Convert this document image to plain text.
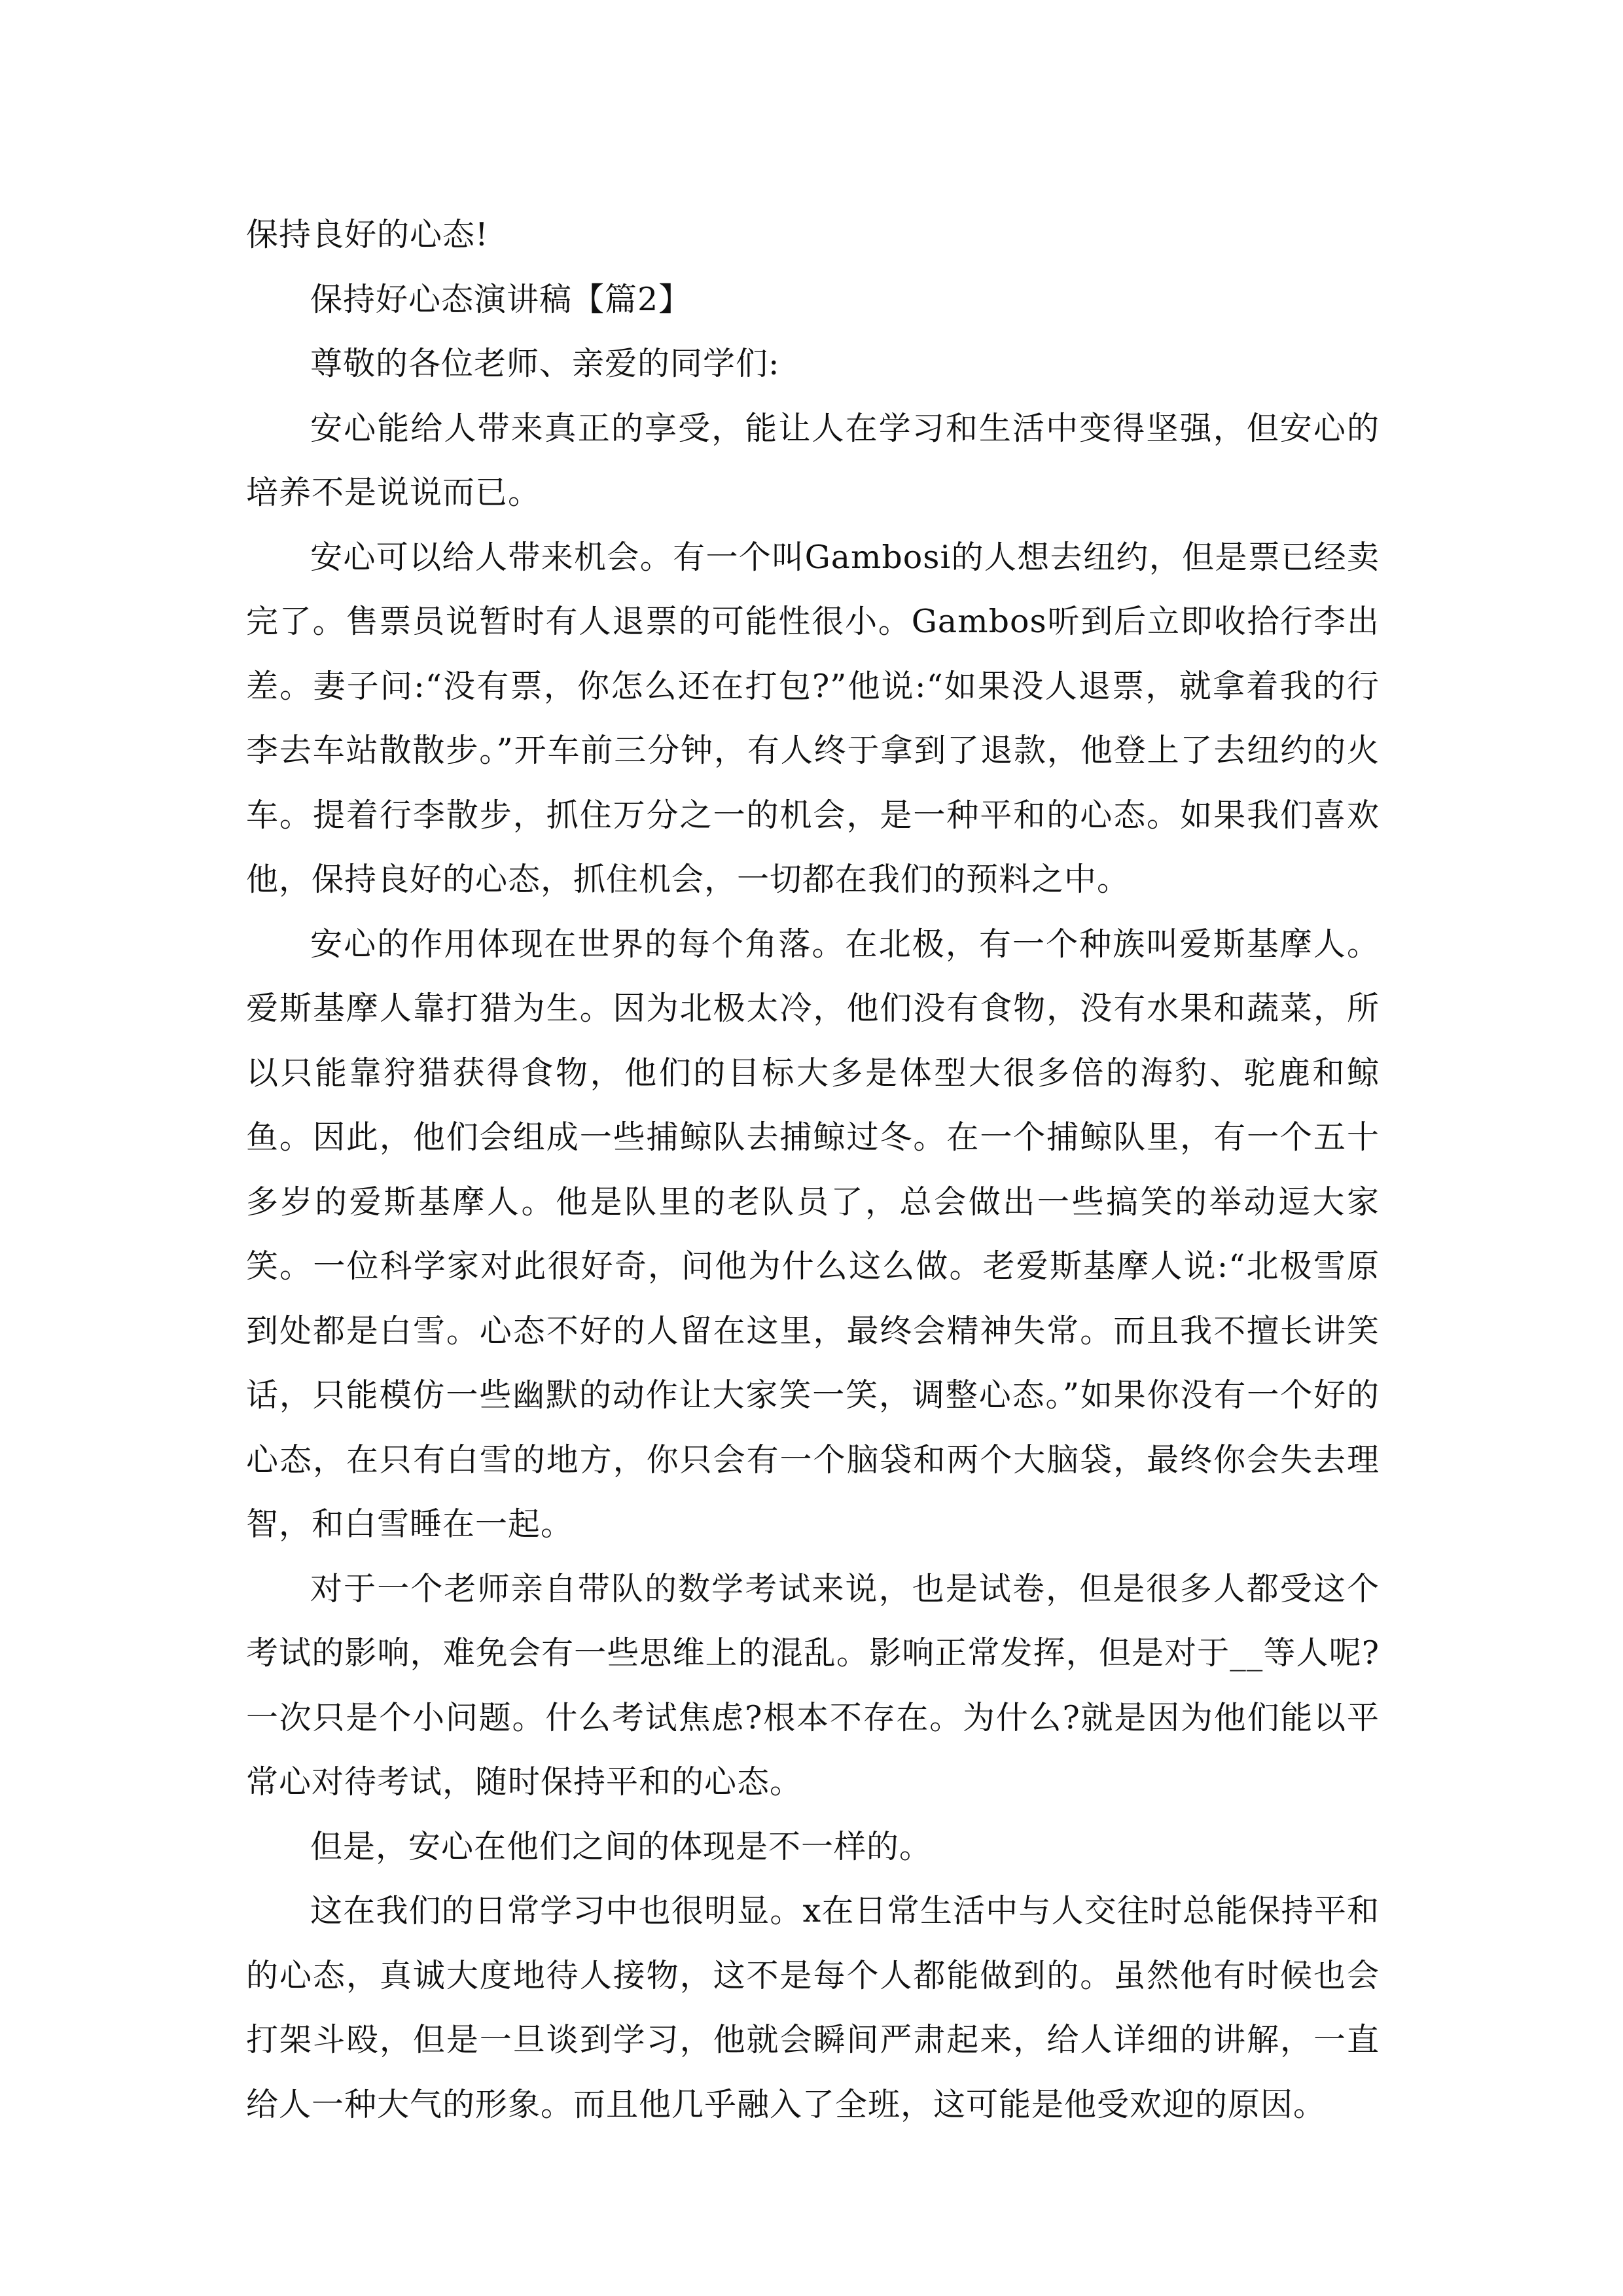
保持良好的心态!

保持好心态演讲稿【篇2】

尊敬的各位老师、亲爱的同学们:

安心能给人带来真正的享受，能让人在学习和生活中变得坚强，但安心的培养不是说说而已。

安心可以给人带来机会。有一个叫Gambosi的人想去纽约，但是票已经卖完了。售票员说暂时有人退票的可能性很小。Gambos听到后立即收拾行李出差。妻子问:“没有票，你怎么还在打包?”他说:“如果没人退票，就拿着我的行李去车站散散步。”开车前三分钟，有人终于拿到了退款，他登上了去纽约的火车。提着行李散步，抓住万分之一的机会，是一种平和的心态。如果我们喜欢他，保持良好的心态，抓住机会，一切都在我们的预料之中。

安心的作用体现在世界的每个角落。在北极，有一个种族叫爱斯基摩人。爱斯基摩人靠打猎为生。因为北极太冷，他们没有食物，没有水果和蔬菜，所以只能靠狩猎获得食物，他们的目标大多是体型大很多倍的海豹、驼鹿和鲸鱼。因此，他们会组成一些捕鲸队去捕鲸过冬。在一个捕鲸队里，有一个五十多岁的爱斯基摩人。他是队里的老队员了，总会做出一些搞笑的举动逗大家笑。一位科学家对此很好奇，问他为什么这么做。老爱斯基摩人说:“北极雪原到处都是白雪。心态不好的人留在这里，最终会精神失常。而且我不擅长讲笑话，只能模仿一些幽默的动作让大家笑一笑，调整心态。”如果你没有一个好的心态，在只有白雪的地方，你只会有一个脑袋和两个大脑袋，最终你会失去理智，和白雪睡在一起。

对于一个老师亲自带队的数学考试来说，也是试卷，但是很多人都受这个考试的影响，难免会有一些思维上的混乱。影响正常发挥，但是对于__等人呢?一次只是个小问题。什么考试焦虑?根本不存在。为什么?就是因为他们能以平常心对待考试，随时保持平和的心态。

但是，安心在他们之间的体现是不一样的。

这在我们的日常学习中也很明显。x在日常生活中与人交往时总能保持平和的心态，真诚大度地待人接物，这不是每个人都能做到的。虽然他有时候也会打架斗殴，但是一旦谈到学习，他就会瞬间严肃起来，给人详细的讲解，一直给人一种大气的形象。而且他几乎融入了全班，这可能是他受欢迎的原因。
